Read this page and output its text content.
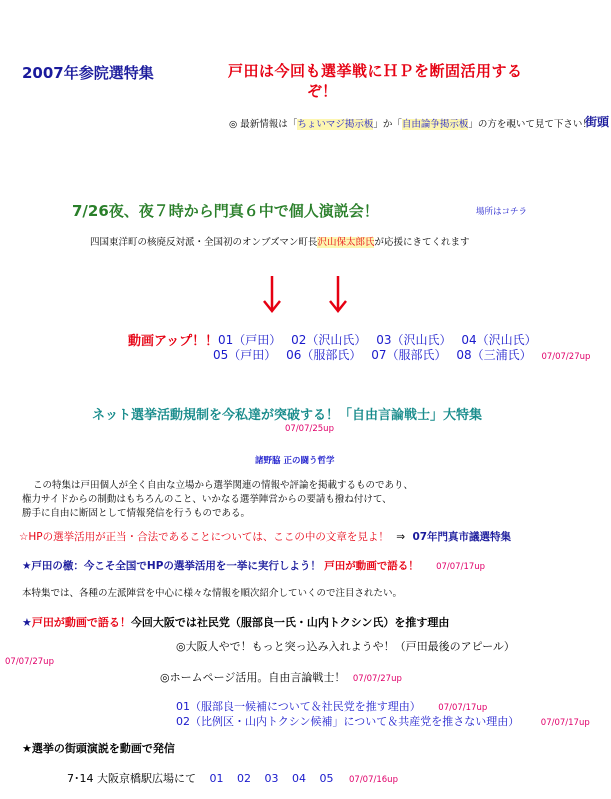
2007年参院選特集	戸田は今回も選挙戦にＨＰを断固活用する
ぞ！
◎ 最新情報は「ちょいマジ掲示板」か「自由論争掲示板」の方を覗いて見て下さい！
街頭
7/26夜、夜７時から門真６中で個人演説会！	場所はコチラ
四国東洋町の核廃反対派・全国初のオンブズマン町長沢山保太郎氏が応援にきてくれます
動画アップ！！ 01（戸田） 02（沢山氏） 03（沢山氏） 04（沢山氏）
05（戸田） 06（服部氏） 07（服部氏） 08（三浦氏） 07/07/27up
ネット選挙活動規制を今私達が突破する！「自由言論戦士」大特集
07/07/25up
諸野脇 正の闘う哲学
この特集は戸田個人が全く自由な立場から選挙関連の情報や評論を掲載するものであり、
権力サイドからの制動はもちろんのこと、いかなる選挙陣営からの要請も撥ね付けて、
勝手に自由に断固として情報発信を行うものである。
☆HPの選挙活用が正当・合法であることについては、ここの中の文章を見よ！ ⇒ 07年門真市議選特集
★戸田の檄：今こそ全国でHPの選挙活用を一挙に実行しよう！ 戸田が動画で語る！ 07/07/17up
本特集では、各種の左派陣営を中心に様々な情報を順次紹介していくので注目されたい。
★戸田が動画で語る！今回大阪では社民党（服部良一氏・山内トクシン氏）を推す理由
◎大阪人やで！もっと突っ込み入れようや！（戸田最後のアピール）
07/07/27up
◎ホームページ活用。自由言論戦士！ 07/07/27up
01（服部良一候補について＆社民党を推す理由） 07/07/17up
02（比例区・山内トクシン候補」について＆共産党を推さない理由）	07/07/17up
★選挙の街頭演説を動画で発信
7･14 大阪京橋駅広場にて 01 02 03 04 05 07/07/16up
